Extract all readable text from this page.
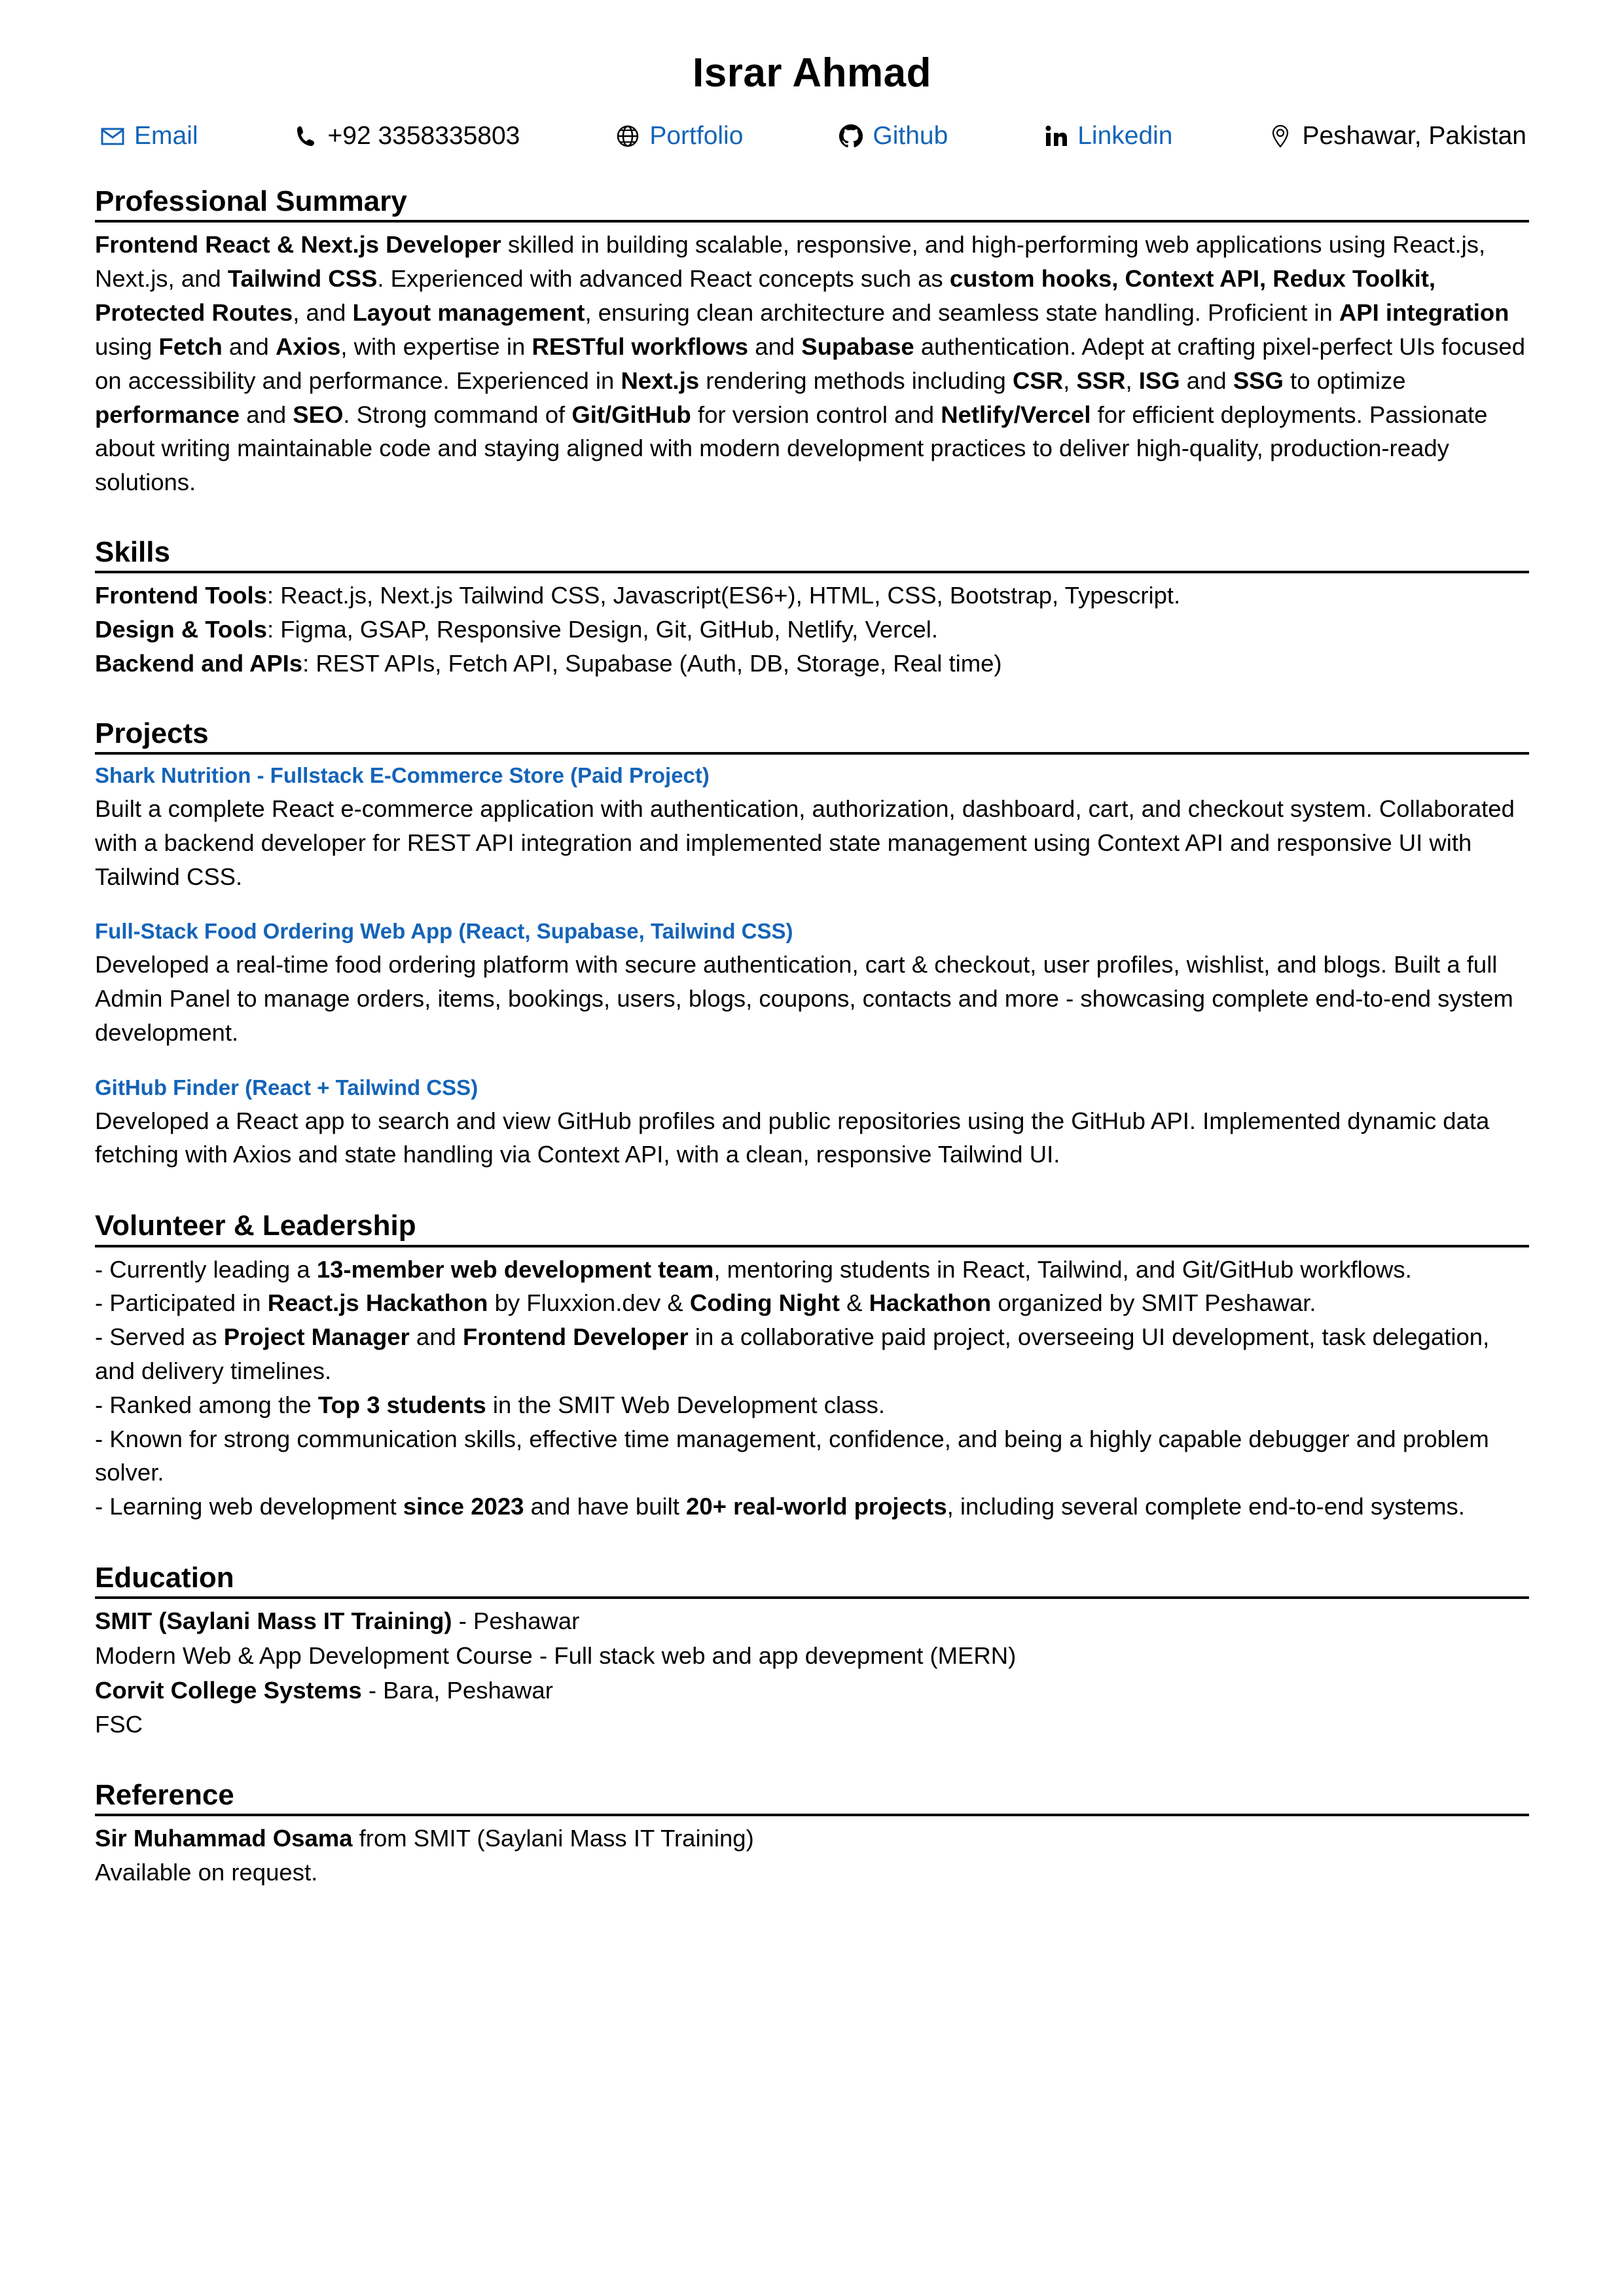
Israr Ahmad
Email	+92 3358335803	Portfolio	Github	Linkedin	Peshawar, Pakistan
Professional Summary
Frontend React & Next.js Developer skilled in building scalable, responsive, and high-performing web applications using React.js, Next.js, and Tailwind CSS. Experienced with advanced React concepts such as custom hooks, Context API, Redux Toolkit, Protected Routes, and Layout management, ensuring clean architecture and seamless state handling. Proficient in API integration using Fetch and Axios, with expertise in RESTful workflows and Supabase authentication. Adept at crafting pixel-perfect UIs focused on accessibility and performance. Experienced in Next.js rendering methods including CSR, SSR, ISG and SSG to optimize performance and SEO. Strong command of Git/GitHub for version control and Netlify/Vercel for efficient deployments. Passionate about writing maintainable code and staying aligned with modern development practices to deliver high-quality, production-ready solutions.
Skills
Frontend Tools: React.js, Next.js Tailwind CSS, Javascript(ES6+), HTML, CSS, Bootstrap, Typescript.
Design & Tools: Figma, GSAP, Responsive Design, Git, GitHub, Netlify, Vercel.
Backend and APIs: REST APIs, Fetch API, Supabase (Auth, DB, Storage, Real time)
Projects
Shark Nutrition - Fullstack E-Commerce Store (Paid Project)
Built a complete React e-commerce application with authentication, authorization, dashboard, cart, and checkout system. Collaborated with a backend developer for REST API integration and implemented state management using Context API and responsive UI with Tailwind CSS.
Full-Stack Food Ordering Web App (React, Supabase, Tailwind CSS)
Developed a real-time food ordering platform with secure authentication, cart & checkout, user profiles, wishlist, and blogs. Built a full Admin Panel to manage orders, items, bookings, users, blogs, coupons, contacts and more - showcasing complete end-to-end system development.
GitHub Finder (React + Tailwind CSS)
Developed a React app to search and view GitHub profiles and public repositories using the GitHub API. Implemented dynamic data fetching with Axios and state handling via Context API, with a clean, responsive Tailwind UI.
Volunteer & Leadership
- Currently leading a 13-member web development team, mentoring students in React, Tailwind, and Git/GitHub workflows.
- Participated in React.js Hackathon by Fluxxion.dev & Coding Night & Hackathon organized by SMIT Peshawar.
- Served as Project Manager and Frontend Developer in a collaborative paid project, overseeing UI development, task delegation, and delivery timelines.
- Ranked among the Top 3 students in the SMIT Web Development class.
- Known for strong communication skills, effective time management, confidence, and being a highly capable debugger and problem solver.
- Learning web development since 2023 and have built 20+ real-world projects, including several complete end-to-end systems.
Education
SMIT (Saylani Mass IT Training) - Peshawar
Modern Web & App Development Course - Full stack web and app devepment (MERN)
Corvit College Systems - Bara, Peshawar
FSC
Reference
Sir Muhammad Osama from SMIT (Saylani Mass IT Training)
Available on request.
